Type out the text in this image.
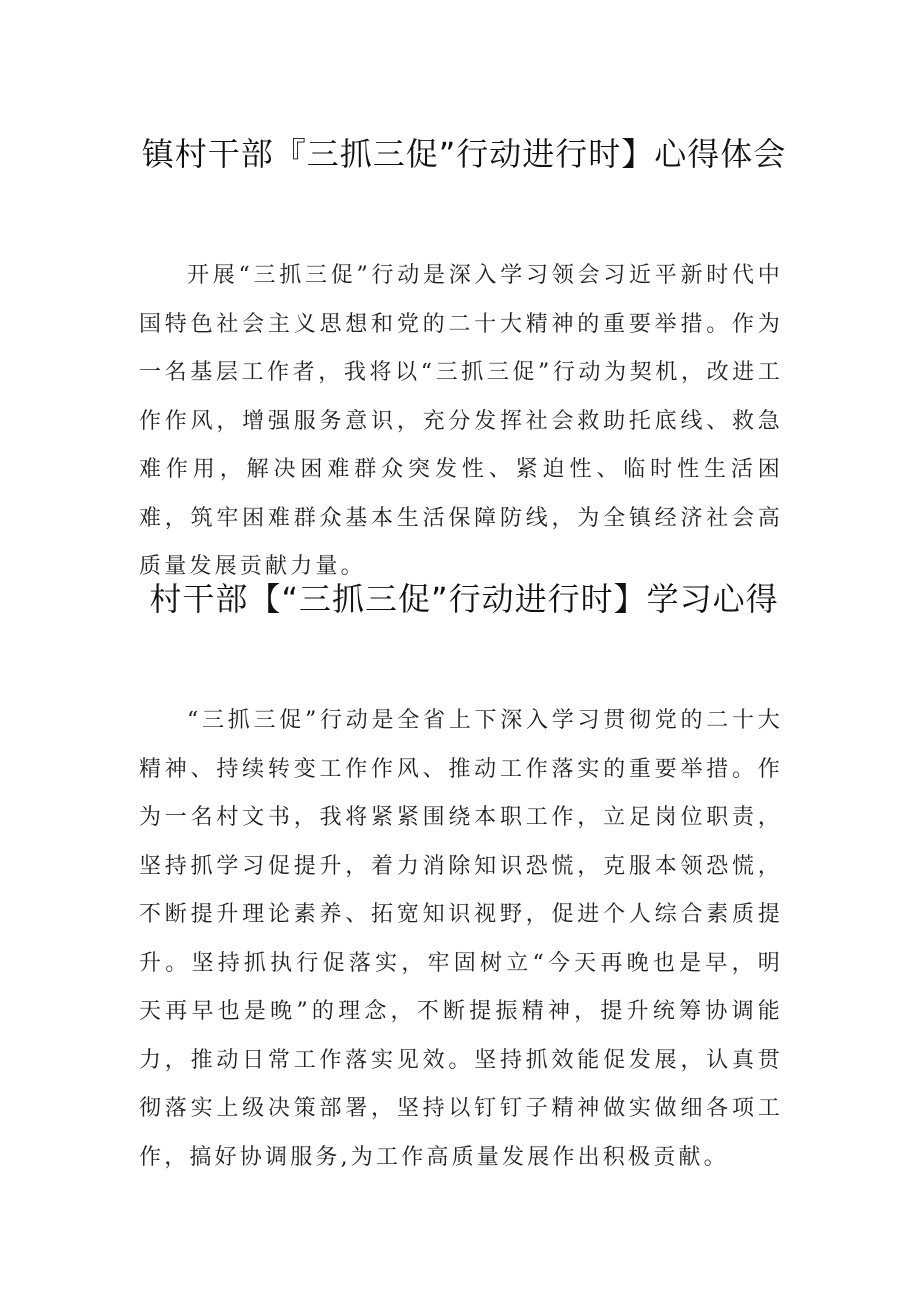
镇村干部『三抓三促”行动进行时】心得体会

开展“三抓三促”行动是深入学习领会习近平新时代中国特色社会主义思想和党的二十大精神的重要举措。作为一名基层工作者，我将以“三抓三促”行动为契机，改进工作作风，增强服务意识，充分发挥社会救助托底线、救急难作用，解决困难群众突发性、紧迫性、临时性生活困难，筑牢困难群众基本生活保障防线，为全镇经济社会高质量发展贡献力量。

村干部【“三抓三促”行动进行时】学习心得

“三抓三促”行动是全省上下深入学习贯彻党的二十大精神、持续转变工作作风、推动工作落实的重要举措。作为一名村文书，我将紧紧围绕本职工作，立足岗位职责，坚持抓学习促提升，着力消除知识恐慌，克服本领恐慌，不断提升理论素养、拓宽知识视野，促进个人综合素质提升。坚持抓执行促落实，牢固树立“今天再晚也是早，明天再早也是晚”的理念，不断提振精神，提升统筹协调能力，推动日常工作落实见效。坚持抓效能促发展，认真贯彻落实上级决策部署，坚持以钉钉子精神做实做细各项工作，搞好协调服务,为工作高质量发展作出积极贡献。
